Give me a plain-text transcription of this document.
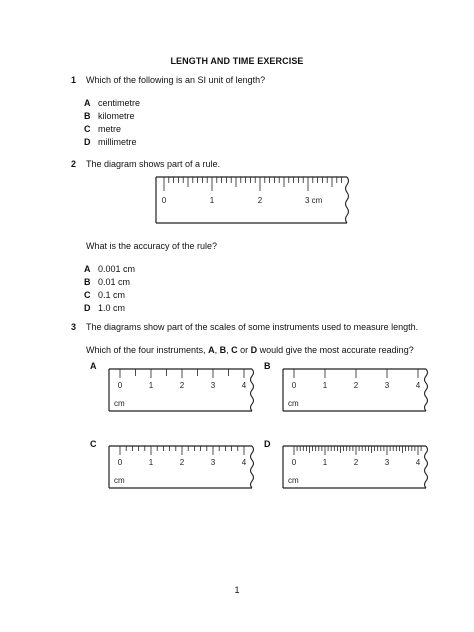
LENGTH AND TIME EXERCISE
1 Which of the following is an SI unit of length?
A centimetre
B kilometre
C metre
D millimetre
2 The diagram shows part of a rule.
0	1	2	3 cm
What is the accuracy of the rule?
A 0.001 cm
B 0.01 cm
C 0.1 cm
D 1.0 cm
3 The diagrams show part of the scales of some instruments used to measure length.
Which of the four instruments, A, B, C or D would give the most accurate reading?
A
0	1	2	3	4
cm
B
0	1	2	3	4
cm
C
0	1	2	3	4
cm
D
0	1	2	3	4
cm
1
